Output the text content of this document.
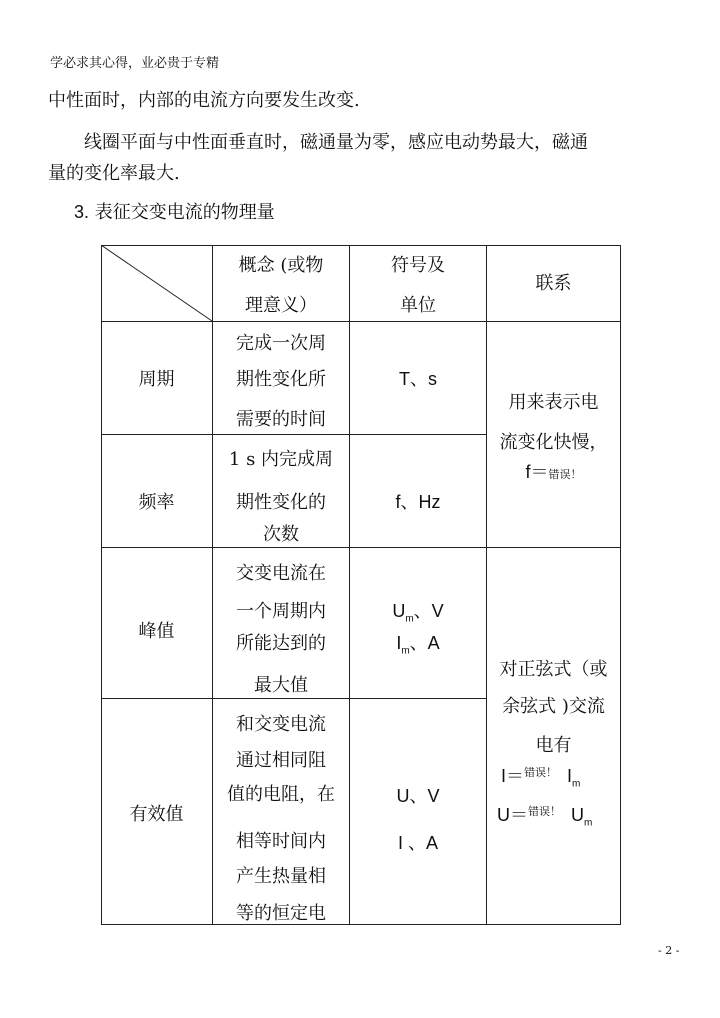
学必求其心得，业必贵于专精
中性面时，内部的电流方向要发生改变.
线圈平面与中性面垂直时，磁通量为零，感应电动势最大，磁通
量的变化率最大.
3. 表征交变电流的物理量
概念 (或物
理意义）
符号及
单位
联系
周期
完成一次周
期性变化所
需要的时间
T、s
频率
1 s 内完成周
期性变化的
次数
f、Hz
用来表示电
流变化快慢，
f＝错误！
峰值
交变电流在
一个周期内
所能达到的
最大值
$U_m$、V
$I_m$、A
有效值
和交变电流
通过相同阻
值的电阻，在
相等时间内
产生热量相
等的恒定电
U、V
I 、A
对正弦式（或
余弦式 )交流
电有
I＝$^{错误!}$ $I_m$
U＝$^{错误!}$ $U_m$
- 2 -
